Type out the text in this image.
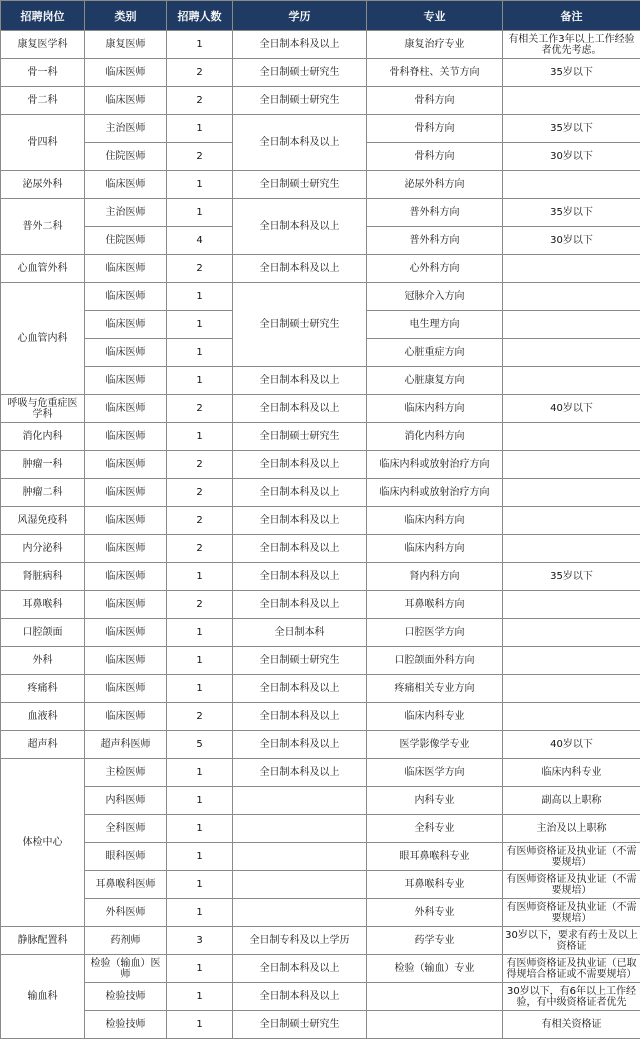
招聘岗位	类别	招聘人数	学历	专业	备注
康复医学科	康复医师	1	全日制本科及以上	康复治疗专业	有相关工作3年以上工作经验者优先考虑。
骨一科	临床医师	2	全日制硕士研究生	骨科脊柱、关节方向	35岁以下
骨二科	临床医师	2	全日制硕士研究生	骨科方向	
骨四科	主治医师	1	全日制本科及以上	骨科方向	35岁以下
	住院医师	2		骨科方向	30岁以下
泌尿外科	临床医师	1	全日制硕士研究生	泌尿外科方向	
普外二科	主治医师	1	全日制本科及以上	普外科方向	35岁以下
	住院医师	4		普外科方向	30岁以下
心血管外科	临床医师	2	全日制本科及以上	心外科方向	
心血管内科	临床医师	1	全日制硕士研究生	冠脉介入方向	
	临床医师	1		电生理方向	
	临床医师	1		心脏重症方向	
	临床医师	1	全日制本科及以上	心脏康复方向	
呼吸与危重症医学科	临床医师	2	全日制本科及以上	临床内科方向	40岁以下
消化内科	临床医师	1	全日制硕士研究生	消化内科方向	
肿瘤一科	临床医师	2	全日制本科及以上	临床内科或放射治疗方向	
肿瘤二科	临床医师	2	全日制本科及以上	临床内科或放射治疗方向	
风湿免疫科	临床医师	2	全日制本科及以上	临床内科方向	
内分泌科	临床医师	2	全日制本科及以上	临床内科方向	
肾脏病科	临床医师	1	全日制本科及以上	肾内科方向	35岁以下
耳鼻喉科	临床医师	2	全日制本科及以上	耳鼻喉科方向	
口腔颌面	临床医师	1	全日制本科	口腔医学方向	
外科	临床医师	1	全日制硕士研究生	口腔颌面外科方向	
疼痛科	临床医师	1	全日制本科及以上	疼痛相关专业方向	
血液科	临床医师	2	全日制本科及以上	临床内科专业	
超声科	超声科医师	5	全日制本科及以上	医学影像学专业	40岁以下
体检中心	主检医师	1	全日制本科及以上	临床医学方向	临床内科专业
	内科医师	1		内科专业	副高以上职称
	全科医师	1		全科专业	主治及以上职称
	眼科医师	1		眼耳鼻喉科专业	有医师资格证及执业证（不需要规培）
	耳鼻喉科医师	1		耳鼻喉科专业	有医师资格证及执业证（不需要规培）
	外科医师	1		外科专业	有医师资格证及执业证（不需要规培）
静脉配置科	药剂师	3	全日制专科及以上学历	药学专业	30岁以下，要求有药士及以上资格证
输血科	检验（输血）医师	1	全日制本科及以上	检验（输血）专业	有医师资格证及执业证（已取得规培合格证或不需要规培）
	检验技师	1	全日制本科及以上		30岁以下，有6年以上工作经验，有中级资格证者优先
	检验技师	1	全日制硕士研究生		有相关资格证
